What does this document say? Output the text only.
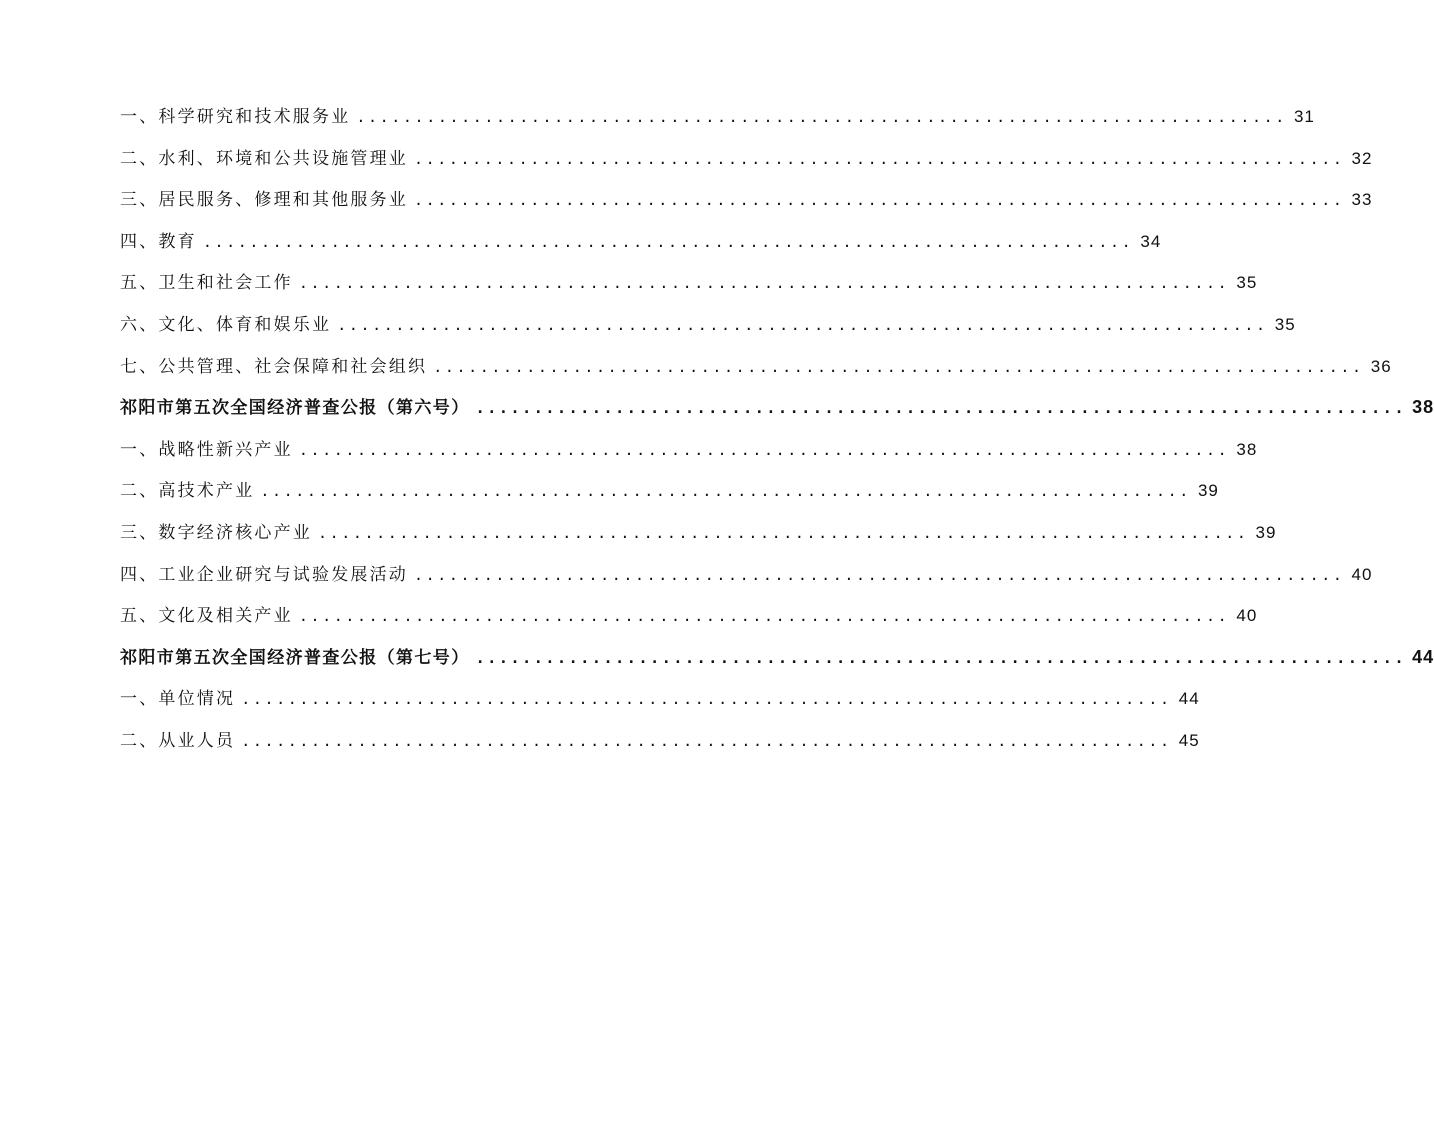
一、科学研究和技术服务业 ................................................................................ 31
二、水利、环境和公共设施管理业 ................................................................................ 32
三、居民服务、修理和其他服务业 ................................................................................ 33
四、教育 ................................................................................ 34
五、卫生和社会工作 ................................................................................ 35
六、文化、体育和娱乐业 ................................................................................ 35
七、公共管理、社会保障和社会组织 ................................................................................ 36
祁阳市第五次全国经济普查公报（第六号） ................................................................................ 38
一、战略性新兴产业 ................................................................................ 38
二、高技术产业 ................................................................................ 39
三、数字经济核心产业 ................................................................................ 39
四、工业企业研究与试验发展活动 ................................................................................ 40
五、文化及相关产业 ................................................................................ 40
祁阳市第五次全国经济普查公报（第七号） ................................................................................ 44
一、单位情况 ................................................................................ 44
二、从业人员 ................................................................................ 45
